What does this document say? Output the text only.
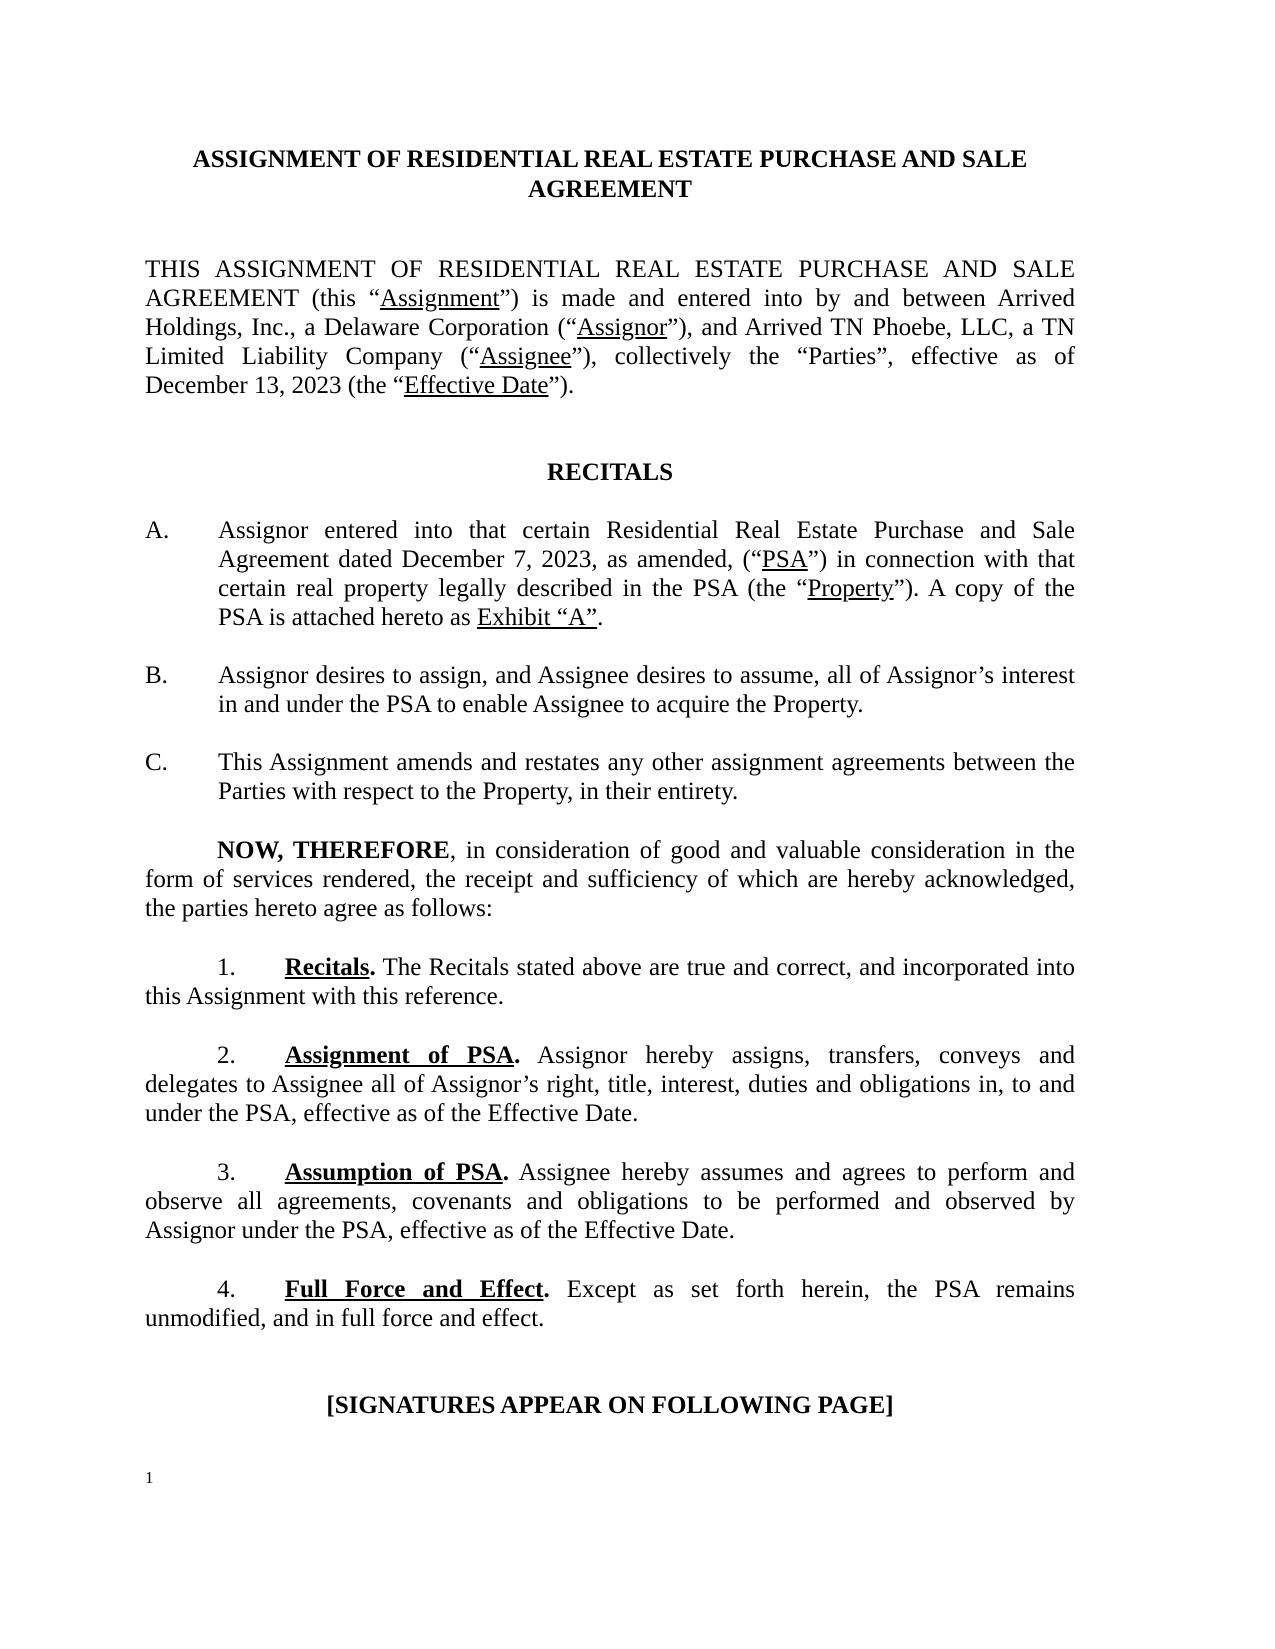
ASSIGNMENT OF RESIDENTIAL REAL ESTATE PURCHASE AND SALE
AGREEMENT

THIS ASSIGNMENT OF RESIDENTIAL REAL ESTATE PURCHASE AND SALE AGREEMENT (this “Assignment”) is made and entered into by and between Arrived Holdings, Inc., a Delaware Corporation (“Assignor”), and Arrived TN Phoebe, LLC, a TN Limited Liability Company (“Assignee”), collectively the “Parties”, effective as of December 13, 2023 (the “Effective Date”).

RECITALS
A.	Assignor entered into that certain Residential Real Estate Purchase and Sale Agreement dated December 7, 2023, as amended, (“PSA”) in connection with that certain real property legally described in the PSA (the “Property”). A copy of the PSA is attached hereto as Exhibit “A”.
B.	Assignor desires to assign, and Assignee desires to assume, all of Assignor’s interest in and under the PSA to enable Assignee to acquire the Property.
C.	This Assignment amends and restates any other assignment agreements between the Parties with respect to the Property, in their entirety.

NOW, THEREFORE, in consideration of good and valuable consideration in the form of services rendered, the receipt and sufficiency of which are hereby acknowledged, the parties hereto agree as follows:

1. Recitals. The Recitals stated above are true and correct, and incorporated into this Assignment with this reference.

2. Assignment of PSA. Assignor hereby assigns, transfers, conveys and delegates to Assignee all of Assignor’s right, title, interest, duties and obligations in, to and under the PSA, effective as of the Effective Date.

3. Assumption of PSA. Assignee hereby assumes and agrees to perform and observe all agreements, covenants and obligations to be performed and observed by Assignor under the PSA, effective as of the Effective Date.

4. Full Force and Effect. Except as set forth herein, the PSA remains unmodified, and in full force and effect.

[SIGNATURES APPEAR ON FOLLOWING PAGE]

1
